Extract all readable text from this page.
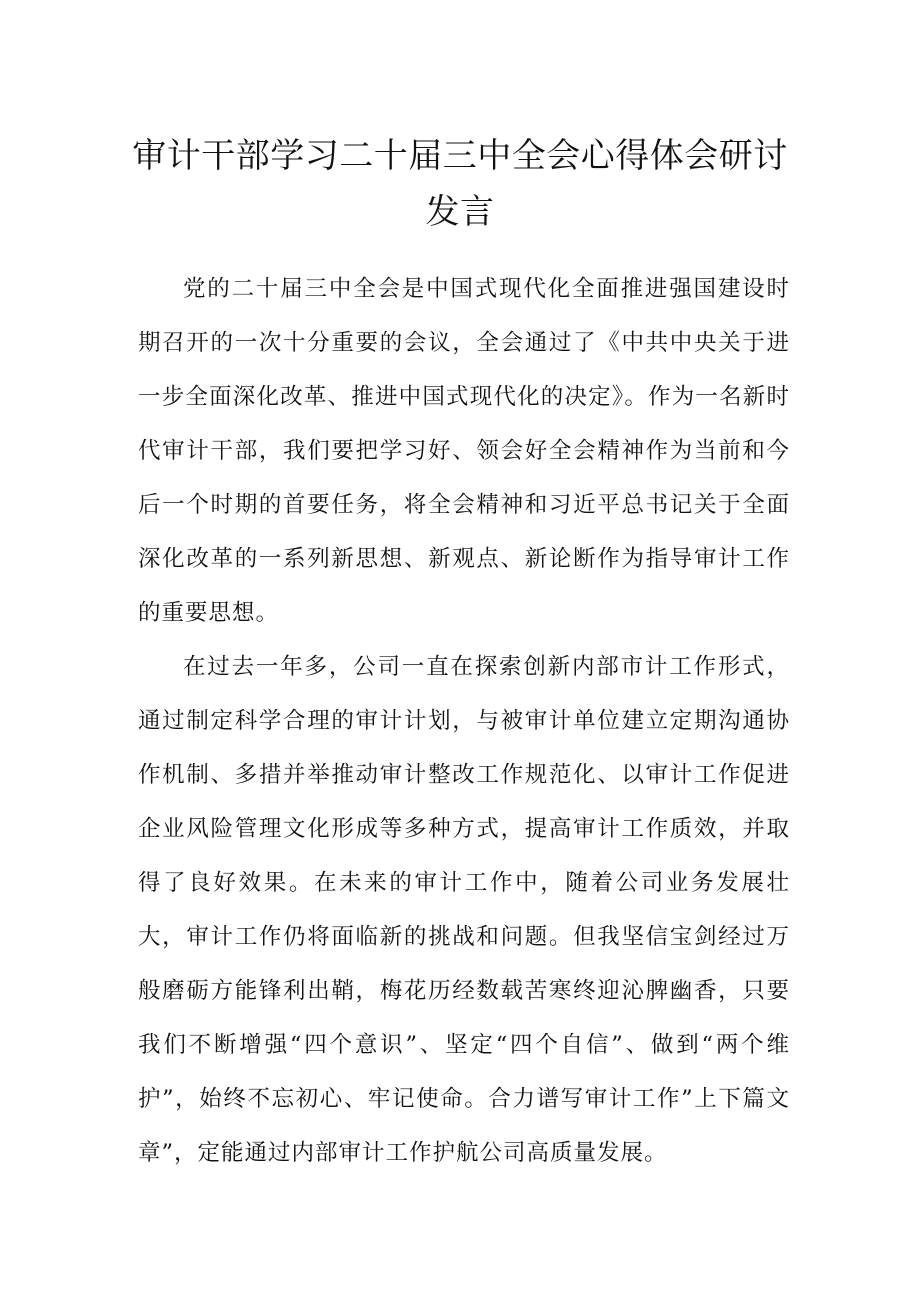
审计干部学习二十届三中全会心得体会研讨发言

党的二十届三中全会是中国式现代化全面推进强国建设时期召开的一次十分重要的会议，全会通过了《中共中央关于进一步全面深化改革、推进中国式现代化的决定》。作为一名新时代审计干部，我们要把学习好、领会好全会精神作为当前和今后一个时期的首要任务，将全会精神和习近平总书记关于全面深化改革的一系列新思想、新观点、新论断作为指导审计工作的重要思想。

在过去一年多，公司一直在探索创新内部市计工作形式，通过制定科学合理的审计计划，与被审计单位建立定期沟通协作机制、多措并举推动审计整改工作规范化、以审计工作促进企业风险管理文化形成等多种方式，提高审计工作质效，并取得了良好效果。在未来的审计工作中，随着公司业务发展壮大，审计工作仍将面临新的挑战和问题。但我坚信宝剑经过万般磨砺方能锋利出鞘，梅花历经数载苦寒终迎沁脾幽香，只要我们不断增强“四个意识”、坚定“四个自信”、做到“两个维护”，始终不忘初心、牢记使命。合力谱写审计工作”上下篇文章”，定能通过内部审计工作护航公司高质量发展。
